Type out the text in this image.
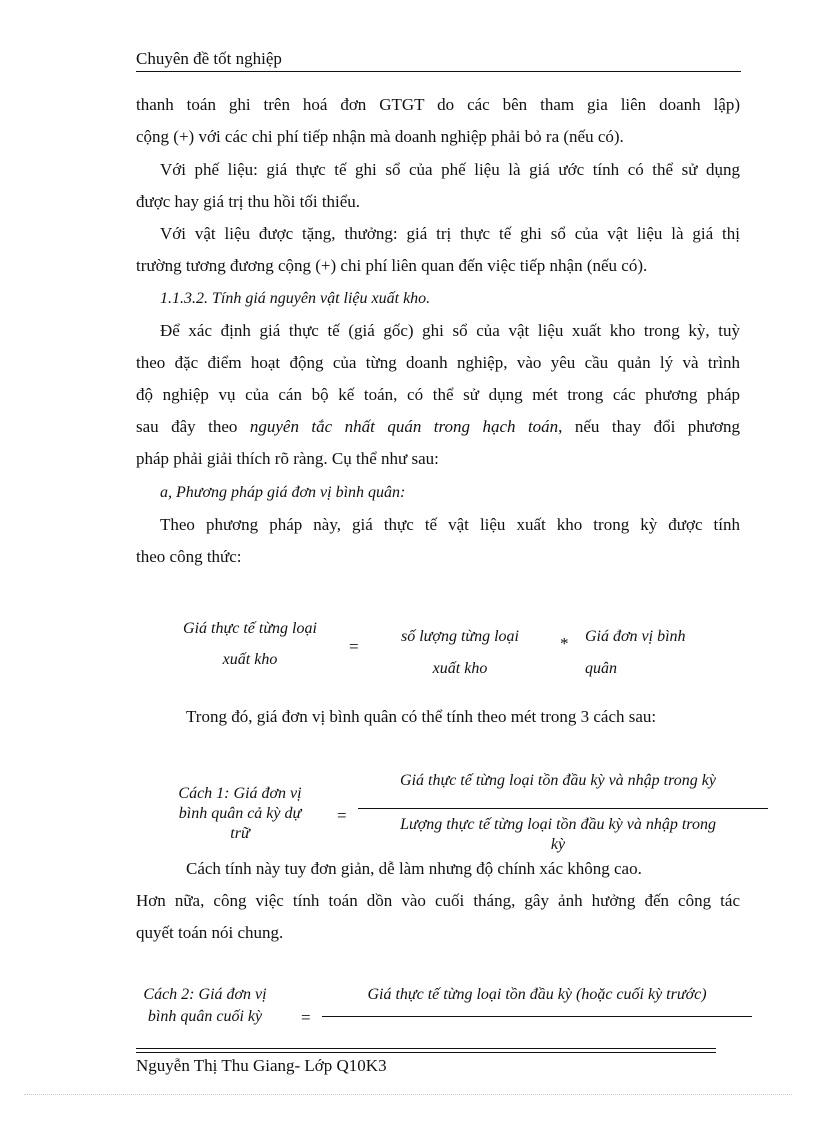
Chuyên đề tốt nghiệp
thanh toán ghi trên hoá đơn GTGT do các bên tham gia liên doanh lập)
cộng (+) với các chi phí tiếp nhận mà doanh nghiệp phải bỏ ra (nếu có).
Với phế liệu: giá thực tế ghi sổ của phế liệu là giá ước tính có thể sử dụng
được hay giá trị thu hồi tối thiểu.
Với vật liệu được tặng, thưởng: giá trị thực tế ghi sổ của vật liệu là giá thị
trường tương đương cộng (+) chi phí liên quan đến việc tiếp nhận (nếu có).
1.1.3.2. Tính giá nguyên vật liệu xuất kho.
Để xác định giá thực tế (giá gốc) ghi sổ của vật liệu xuất kho trong kỳ, tuỳ
theo đặc điểm hoạt động của từng doanh nghiệp, vào yêu cầu quản lý và trình
độ nghiệp vụ của cán bộ kế toán, có thể sử dụng mét trong các phương pháp
sau đây theo nguyên tắc nhất quán trong hạch toán, nếu thay đổi phương
pháp phải giải thích rõ ràng. Cụ thể như sau:
a, Phương pháp giá đơn vị bình quân:
Theo phương pháp này, giá thực tế vật liệu xuất kho trong kỳ được tính
theo công thức:
Giá thực tế từng loại
xuất kho
=
số lượng từng loại
xuất kho
* Giá đơn vị bình
quân
Trong đó, giá đơn vị bình quân có thể tính theo mét trong 3 cách sau:
Cách 1: Giá đơn vị
bình quân cả kỳ dự
trữ
=
Giá thực tế từng loại tồn đầu kỳ và nhập trong kỳ
Lượng thực tế từng loại tồn đầu kỳ và nhập trong
kỳ
Cách tính này tuy đơn giản, dễ làm nhưng độ chính xác không cao.
Hơn nữa, công việc tính toán dồn vào cuối tháng, gây ảnh hưởng đến công tác
quyết toán nói chung.
Cách 2: Giá đơn vị
bình quân cuối kỳ	=
Giá thực tế từng loại tồn đầu kỳ (hoặc cuối kỳ trước)
Nguyễn Thị Thu Giang- Lớp Q10K3
